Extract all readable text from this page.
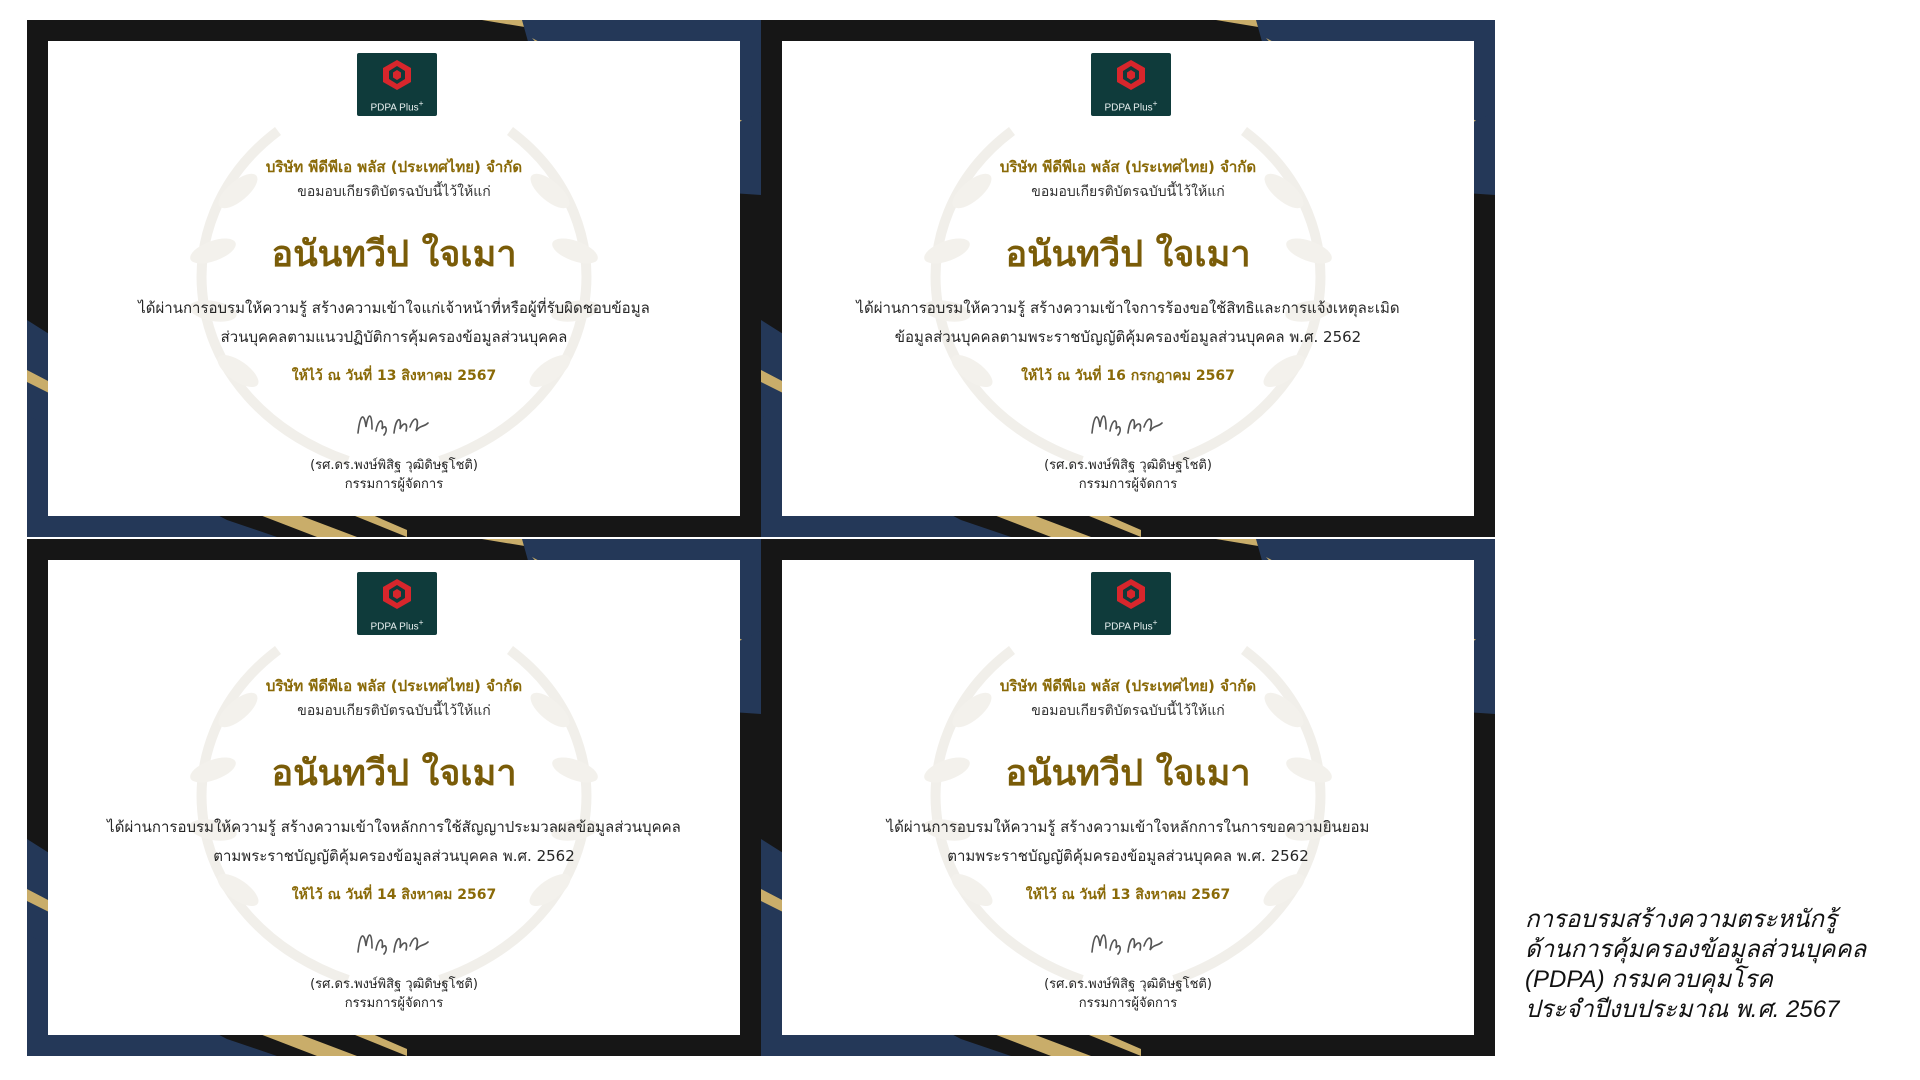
PDPA Plus+
บริษัท พีดีพีเอ พลัส (ประเทศไทย) จำกัด
ขอมอบเกียรติบัตรฉบับนี้ไว้ให้แก่
อนันทวีป ใจเมา
ได้ผ่านการอบรมให้ความรู้ สร้างความเข้าใจแก่เจ้าหน้าที่หรือผู้ที่รับผิดชอบข้อมูล
ส่วนบุคคลตามแนวปฏิบัติการคุ้มครองข้อมูลส่วนบุคคล
ให้ไว้ ณ วันที่ 13 สิงหาคม 2567
(รศ.ดร.พงษ์พิสิฐ วุฒิดิษฐโชติ)
กรรมการผู้จัดการ
PDPA Plus+
บริษัท พีดีพีเอ พลัส (ประเทศไทย) จำกัด
ขอมอบเกียรติบัตรฉบับนี้ไว้ให้แก่
อนันทวีป ใจเมา
ได้ผ่านการอบรมให้ความรู้ สร้างความเข้าใจการร้องขอใช้สิทธิและการแจ้งเหตุละเมิด
ข้อมูลส่วนบุคคลตามพระราชบัญญัติคุ้มครองข้อมูลส่วนบุคคล พ.ศ. 2562
ให้ไว้ ณ วันที่ 16 กรกฎาคม 2567
(รศ.ดร.พงษ์พิสิฐ วุฒิดิษฐโชติ)
กรรมการผู้จัดการ
PDPA Plus+
บริษัท พีดีพีเอ พลัส (ประเทศไทย) จำกัด
ขอมอบเกียรติบัตรฉบับนี้ไว้ให้แก่
อนันทวีป ใจเมา
ได้ผ่านการอบรมให้ความรู้ สร้างความเข้าใจหลักการใช้สัญญาประมวลผลข้อมูลส่วนบุคคล
ตามพระราชบัญญัติคุ้มครองข้อมูลส่วนบุคคล พ.ศ. 2562
ให้ไว้ ณ วันที่ 14 สิงหาคม 2567
(รศ.ดร.พงษ์พิสิฐ วุฒิดิษฐโชติ)
กรรมการผู้จัดการ
PDPA Plus+
บริษัท พีดีพีเอ พลัส (ประเทศไทย) จำกัด
ขอมอบเกียรติบัตรฉบับนี้ไว้ให้แก่
อนันทวีป ใจเมา
ได้ผ่านการอบรมให้ความรู้ สร้างความเข้าใจหลักการในการขอความยินยอม
ตามพระราชบัญญัติคุ้มครองข้อมูลส่วนบุคคล พ.ศ. 2562
ให้ไว้ ณ วันที่ 13 สิงหาคม 2567
(รศ.ดร.พงษ์พิสิฐ วุฒิดิษฐโชติ)
กรรมการผู้จัดการ
การอบรมสร้างความตระหนักรู้
ด้านการคุ้มครองข้อมูลส่วนบุคคล
(PDPA) กรมควบคุมโรค
ประจำปีงบประมาณ พ.ศ. 2567
